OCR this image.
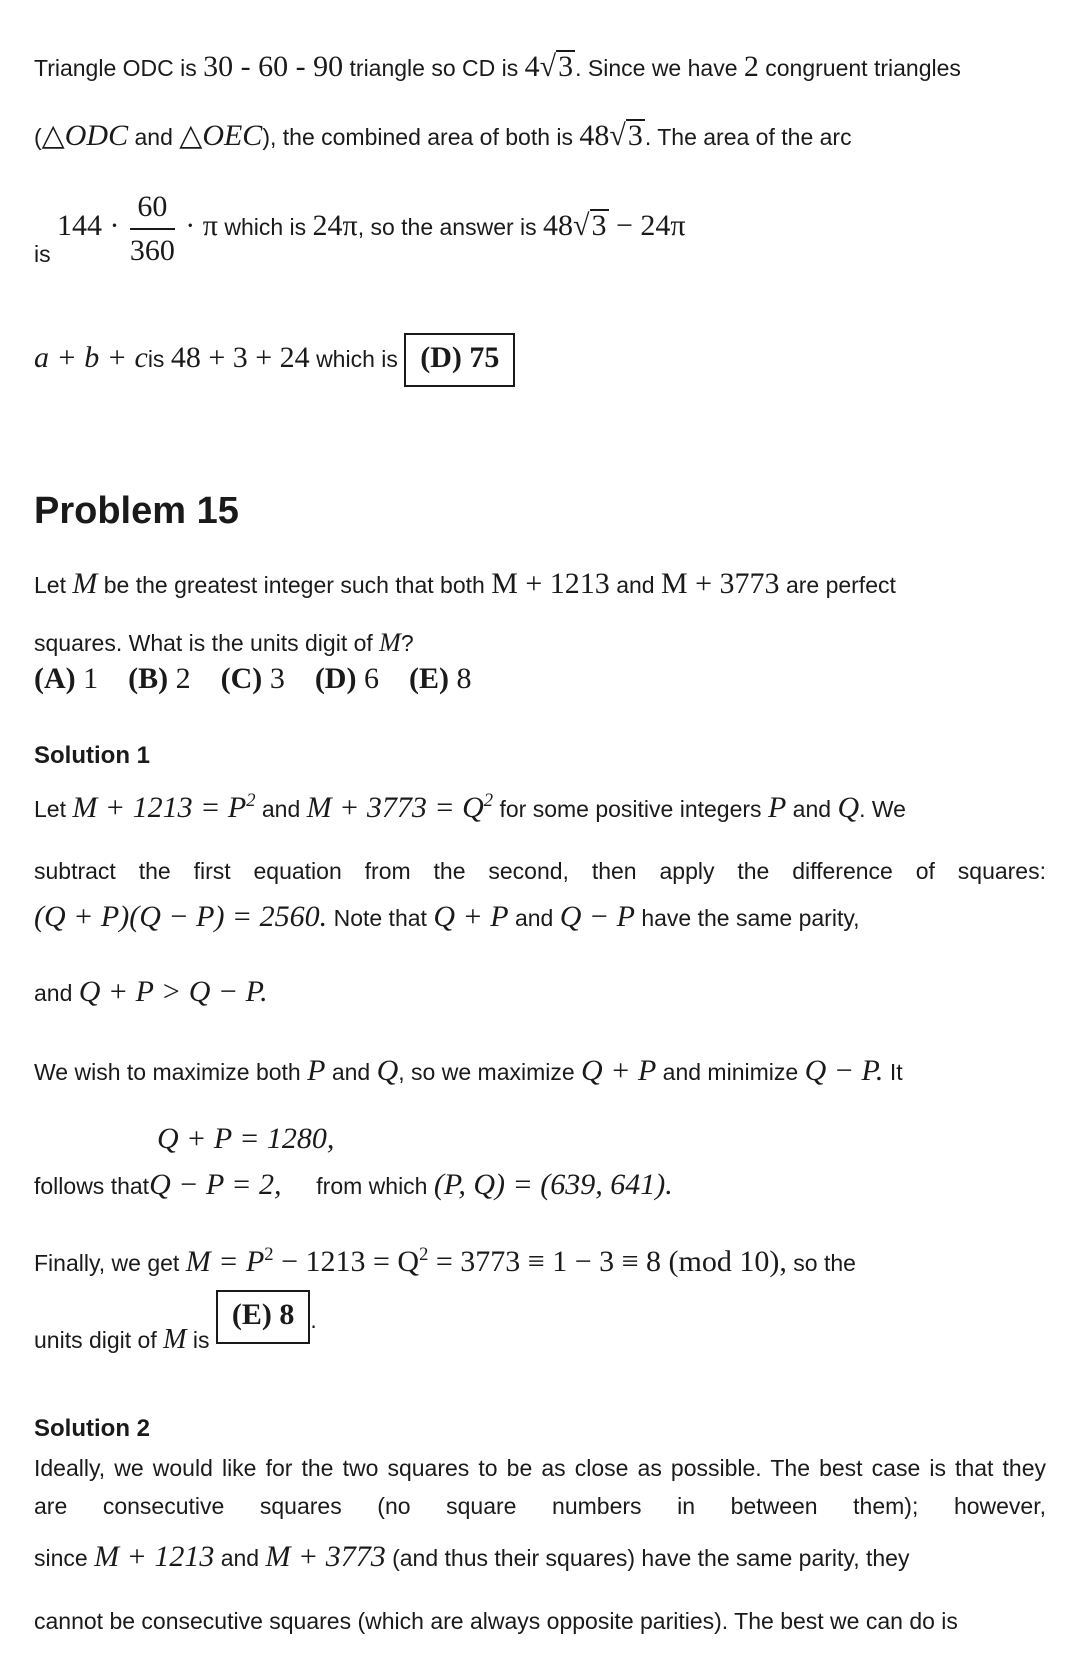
Triangle ODC is 30 - 60 - 90 triangle so CD is 4√3. Since we have 2 congruent triangles
(△ODC and △OEC), the combined area of both is 48√3. The area of the arc
is $144 \cdot \frac{60}{360} \cdot \pi$ which is 24π, so the answer is 48√3 − 24π
a + b + cis 48 + 3 + 24 which is (D) 75
Problem 15
Let M be the greatest integer such that both M + 1213 and M + 3773 are perfect
squares. What is the units digit of M?
(A) 1 (B) 2 (C) 3 (D) 6 (E) 8
Solution 1
Let $M + 1213 = P^2$ and $M + 3773 = Q^2$ for some positive integers P and Q. We
subtract the first equation from the second, then apply the difference of squares:
(Q + P)(Q − P) = 2560. Note that Q + P and Q − P have the same parity,
and Q + P > Q − P.
We wish to maximize both P and Q, so we maximize Q + P and minimize Q − P. It
Q + P = 1280,
follows thatQ − P = 2, from which (P, Q) = (639, 641).
Finally, we get $M = P^2 - 1213 = Q^2 = 3773 \equiv 1 - 3 \equiv 8$ (mod 10), so the
units digit of M is (E) 8 .
Solution 2
Ideally, we would like for the two squares to be as close as possible. The best case is that they
are consecutive squares (no square numbers in between them); however,
since M + 1213 and M + 3773 (and thus their squares) have the same parity, they
cannot be consecutive squares (which are always opposite parities). The best we can do is
